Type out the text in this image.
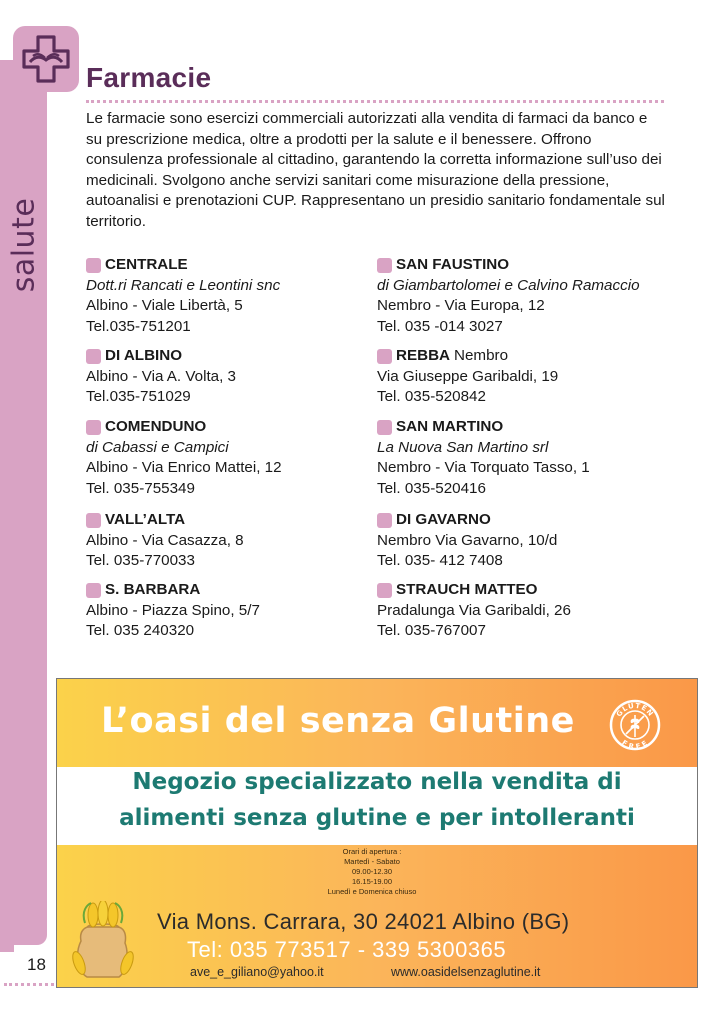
salute
Farmacie

Le farmacie sono esercizi commerciali autorizzati alla vendita di farmaci da banco e su prescrizione medica, oltre a prodotti per la salute e il benessere. Offrono consulenza professionale al cittadino, garantendo la corretta informazione sull’uso dei medicinali. Svolgono anche servizi sanitari come misurazione della pressione, autoanalisi e prenotazioni CUP. Rappresentano un presidio sanitario fondamentale sul territorio.

CENTRALE
Dott.ri Rancati e Leontini snc
Albino - Viale Libertà, 5
Tel.035-751201
DI ALBINO
Albino - Via A. Volta, 3
Tel.035-751029
COMENDUNO
di Cabassi e Campici
Albino - Via Enrico Mattei, 12
Tel. 035-755349
VALL’ALTA
Albino - Via Casazza, 8
Tel. 035-770033
S. BARBARA
Albino - Piazza Spino, 5/7
Tel. 035 240320
SAN FAUSTINO
di Giambartolomei e Calvino Ramaccio
Nembro - Via Europa, 12
Tel. 035 -014 3027
REBBA Nembro
Via Giuseppe Garibaldi, 19
Tel. 035-520842
SAN MARTINO
La Nuova San Martino srl
Nembro - Via Torquato Tasso, 1
Tel. 035-520416
DI GAVARNO
Nembro Via Gavarno, 10/d
Tel. 035- 412 7408
STRAUCH MATTEO
Pradalunga Via Garibaldi, 26
Tel. 035-767007
L’oasi del senza Glutine	GLUTEN
FREE
Negozio specializzato nella vendita di
alimenti senza glutine e per intolleranti
Orari di apertura :
Martedì - Sabato
09.00-12.30
16.15-19.00
Lunedì e Domenica chiuso
Via Mons. Carrara, 30 24021 Albino (BG)
Tel: 035 773517 - 339 5300365
ave_e_giliano@yahoo.it	www.oasidelsenzaglutine.it
18
